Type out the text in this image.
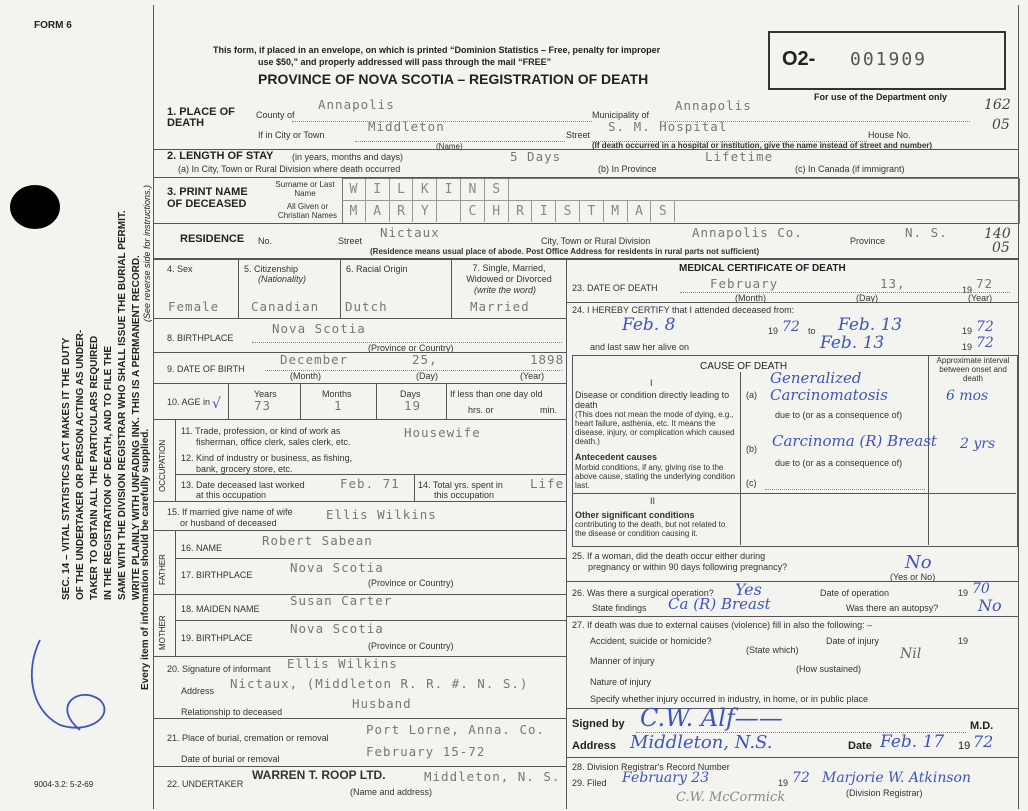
FORM 6
SEC. 14 – VITAL STATISTICS ACT MAKES IT THE DUTY OF THE UNDERTAKER OR PERSON ACTING AS UNDER- TAKER TO OBTAIN ALL THE PARTICULARS REQUIRED IN THE REGISTRATION OF DEATH, AND TO FILE THE SAME WITH THE DIVISION REGISTRAR WHO SHALL ISSUE THE BURIAL PERMIT. WRITE PLAINLY WITH UNFADING INK. THIS IS A PERMANENT RECORD.
(See reverse side for instructions.)
Every item of information should be carefully supplied.
9004-3.2: 5-2-69
This form, if placed in an envelope, on which is printed “Dominion Statistics – Free, penalty for improper
use $50,” and properly addressed will pass through the mail “FREE”
PROVINCE OF NOVA SCOTIA – REGISTRATION OF DEATH
O2- 001909
For use of the Department only	162
05
140
05
1. PLACE OF DEATH
County of
Annapolis
Municipality of
Annapolis
If in City or Town
Middleton
Street
S. M. Hospital
House No.
(Name)	(If death occurred in a hospital or institution, give the name instead of street and number)
2. LENGTH OF STAY (in years, months and days)
(a) In City, Town or Rural Division where death occurred
5 Days
(b) In Province
Lifetime
(c) In Canada (if immigrant)
3. PRINT NAME OF DECEASED
Surname or Last Name
All Given or Christian Names
W	I	L	K	I	N	S
M	A	R	Y	C	H	R	I	S	T	M	A	S
RESIDENCE No.	Street
Nictaux
City, Town or Rural Division
Annapolis Co.
Province
N. S.
(Residence means usual place of abode. Post Office Address for residents in rural parts not sufficient)
4. Sex
Female
5. Citizenship
(Nationality)
Canadian
6. Racial Origin
Dutch
7. Single, Married, Widowed or Divorced
(write the word)
Married
8. BIRTHPLACE
Nova Scotia
(Province or Country)
9. DATE OF BIRTH
December	25,	1898
(Month)	(Day)	(Year)
10. AGE in √
Years
73
Months
1
Days
19
If less than one day old
hrs. or	min.
OCCUPATION
11. Trade, profession, or kind of work as
fisherman, office clerk, sales clerk, etc.
Housewife
12. Kind of industry or business, as fishing,
bank, grocery store, etc.
13. Date deceased last worked
at this occupation
Feb. 71 14. Total yrs. spent in
this occupation
Life
15. If married give name of wife
or husband of deceased
Ellis Wilkins
FATHER
16. NAME	Robert Sabean
17. BIRTHPLACE	Nova Scotia
(Province or Country)
MOTHER
18. MAIDEN NAME
Susan Carter
19. BIRTHPLACE
Nova Scotia
(Province or Country)
20. Signature of informant Ellis Wilkins
Address Nictaux, (Middleton R. R. #. N. S.)
Relationship to deceased
Husband
21. Place of burial, cremation or removal
Port Lorne, Anna. Co.
Date of burial or removal	February 15-72
22. UNDERTAKER
WARREN T. ROOP LTD.	Middleton, N. S.
(Name and address)
MEDICAL CERTIFICATE OF DEATH
23. DATE OF DEATH	February	13,	19 72
(Month)	(Day)	(Year)
24. I HEREBY CERTIFY that I attended deceased from:
Feb. 8	19 72 to Feb. 13	19 72
and last saw her alive on	Feb. 13	19 72
CAUSE OF DEATH
Approximate interval between onset and death
I
Disease or condition directly leading to death
(This does not mean the mode of dying, e.g., heart failure, asthenia, etc. It means the disease, injury, or complication which caused death.)
(a)
Generalized Carcinomatosis	6 mos
due to (or as a consequence of)
Antecedent causes
Morbid conditions, if any, giving rise to the above cause, stating the underlying condition last.
(b) Carcinoma (R) Breast 2 yrs
due to (or as a consequence of)
(c)
II
Other significant conditions
contributing to the death, but not related to the disease or condition causing it.
25. If a woman, did the death occur either during
pregnancy or within 90 days following pregnancy?	No
(Yes or No)
26. Was there a surgical operation? Yes	Date of operation	19 70
State findings Ca (R) Breast	Was there an autopsy? No
27. If death was due to external causes (violence) fill in also the following: –
Accident, suicide or homicide?	Date of injury	19
(State which)
Manner of injury	Nil
(How sustained)
Nature of injury
Specify whether injury occurred in industry, in home, or in public place
Signed by C.W. Alf——	M.D.
Address Middleton, N.S.	Date Feb. 17 19 72
28. Division Registrar's Record Number
29. Filed February 23	19 72 Marjorie W. Atkinson
(Division Registrar)
C.W. McCormick
